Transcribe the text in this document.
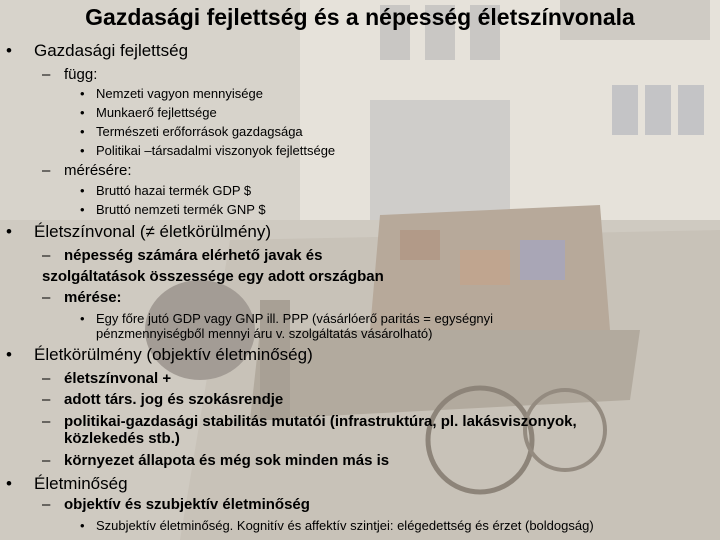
Gazdasági fejlettség és a népesség életszínvonala
• Gazdasági fejlettség
– függ:
• Nemzeti vagyon mennyisége
• Munkaerő fejlettsége
• Természeti erőforrások gazdagsága
• Politikai –társadalmi viszonyok fejlettsége
– mérésére:
• Bruttó hazai termék GDP $
• Bruttó nemzeti termék GNP $
• Életszínvonal (≠ életkörülmény)
– népesség számára elérhető javak és
szolgáltatások összessége egy adott országban
– mérése:
• Egy főre jutó GDP vagy GNP ill. PPP (vásárlóerő paritás = egységnyi
pénzmennyiségből mennyi áru v. szolgáltatás vásárolható)
• Életkörülmény (objektív életminőség)
– életszínvonal +
– adott társ. jog és szokásrendje
– politikai-gazdasági stabilitás mutatói (infrastruktúra, pl. lakásviszonyok,
közlekedés stb.)
– környezet állapota és még sok minden más is
• Életminőség
– objektív és szubjektív életminőség
• Szubjektív életminőség. Kognitív és affektív szintjei: elégedettség és érzet (boldogság)
